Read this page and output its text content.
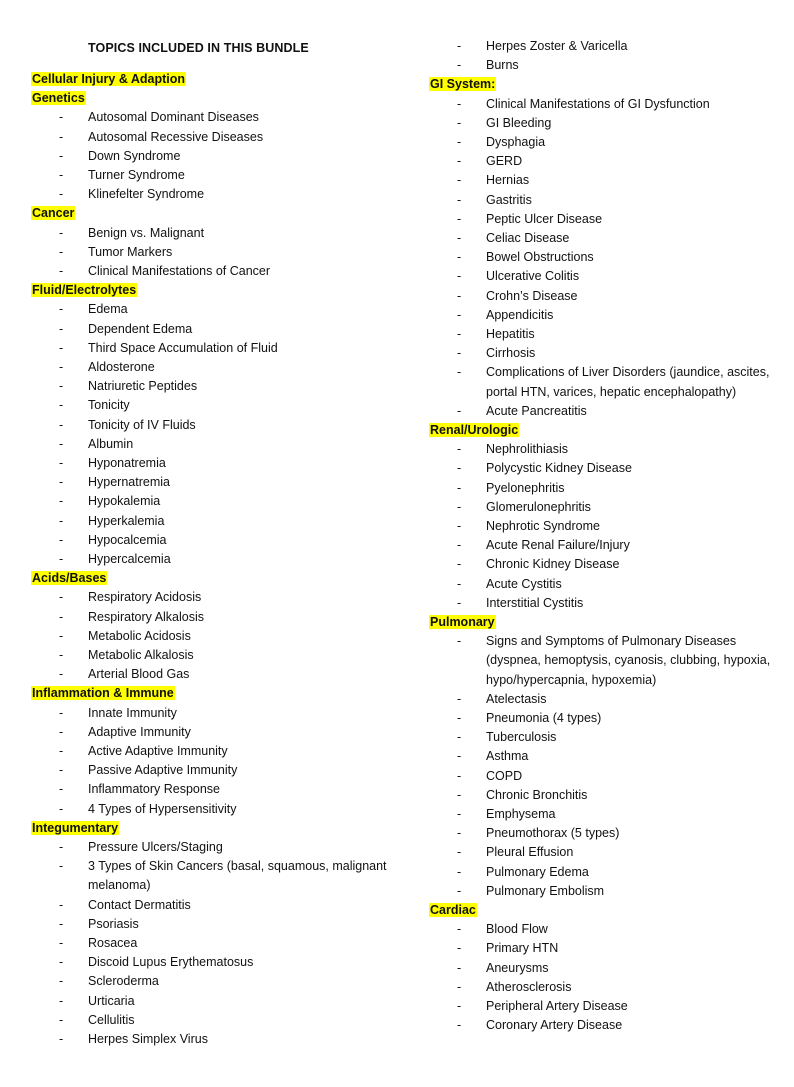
TOPICS INCLUDED IN THIS BUNDLE
Cellular Injury & Adaption
Genetics
- Autosomal Dominant Diseases
- Autosomal Recessive Diseases
- Down Syndrome
- Turner Syndrome
- Klinefelter Syndrome
Cancer
- Benign vs. Malignant
- Tumor Markers
- Clinical Manifestations of Cancer
Fluid/Electrolytes
- Edema
- Dependent Edema
- Third Space Accumulation of Fluid
- Aldosterone
- Natriuretic Peptides
- Tonicity
- Tonicity of IV Fluids
- Albumin
- Hyponatremia
- Hypernatremia
- Hypokalemia
- Hyperkalemia
- Hypocalcemia
- Hypercalcemia
Acids/Bases
- Respiratory Acidosis
- Respiratory Alkalosis
- Metabolic Acidosis
- Metabolic Alkalosis
- Arterial Blood Gas
Inflammation & Immune
- Innate Immunity
- Adaptive Immunity
- Active Adaptive Immunity
- Passive Adaptive Immunity
- Inflammatory Response
- 4 Types of Hypersensitivity
Integumentary
- Pressure Ulcers/Staging
- 3 Types of Skin Cancers (basal, squamous, malignant melanoma)
- Contact Dermatitis
- Psoriasis
- Rosacea
- Discoid Lupus Erythematosus
- Scleroderma
- Urticaria
- Cellulitis
- Herpes Simplex Virus
- Herpes Zoster & Varicella
- Burns
GI System:
- Clinical Manifestations of GI Dysfunction
- GI Bleeding
- Dysphagia
- GERD
- Hernias
- Gastritis
- Peptic Ulcer Disease
- Celiac Disease
- Bowel Obstructions
- Ulcerative Colitis
- Crohn’s Disease
- Appendicitis
- Hepatitis
- Cirrhosis
- Complications of Liver Disorders (jaundice, ascites, portal HTN, varices, hepatic encephalopathy)
- Acute Pancreatitis
Renal/Urologic
- Nephrolithiasis
- Polycystic Kidney Disease
- Pyelonephritis
- Glomerulonephritis
- Nephrotic Syndrome
- Acute Renal Failure/Injury
- Chronic Kidney Disease
- Acute Cystitis
- Interstitial Cystitis
Pulmonary
- Signs and Symptoms of Pulmonary Diseases (dyspnea, hemoptysis, cyanosis, clubbing, hypoxia, hypo/hypercapnia, hypoxemia)
- Atelectasis
- Pneumonia (4 types)
- Tuberculosis
- Asthma
- COPD
- Chronic Bronchitis
- Emphysema
- Pneumothorax (5 types)
- Pleural Effusion
- Pulmonary Edema
- Pulmonary Embolism
Cardiac
- Blood Flow
- Primary HTN
- Aneurysms
- Atherosclerosis
- Peripheral Artery Disease
- Coronary Artery Disease
